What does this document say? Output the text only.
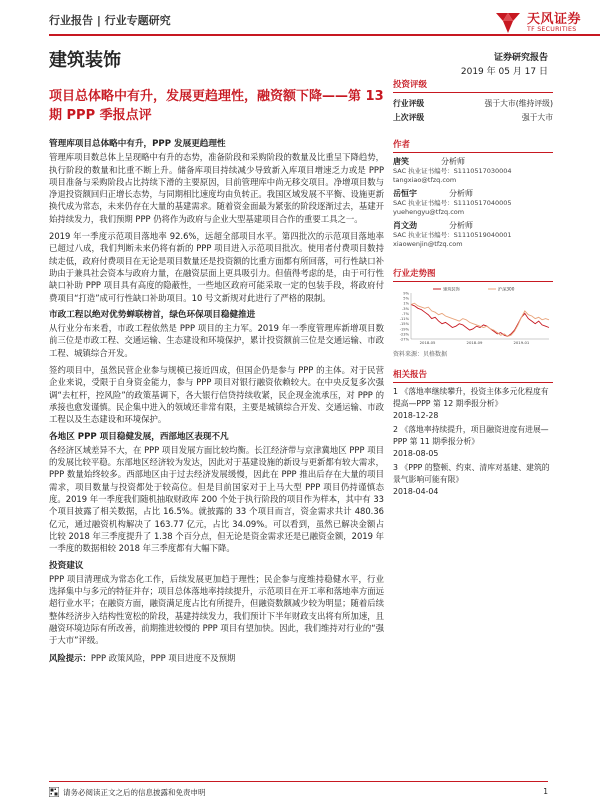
行业报告 | 行业专题研究	天风证券
TF SECURITIES
建筑装饰	证券研究报告
2019 年 05 月 17 日
项目总体略中有升，发展更趋理性，融资额下降——第 13 期 PPP 季报点评
管理库项目总体略中有升，PPP 发展更趋理性

管理库项目数总体上呈现略中有升的态势，准备阶段和采购阶段的数量及比重呈下降趋势，执行阶段的数量和比重不断上升。储备库项目持续减少导致新入库项目增速乏力或是 PPP 项目准备与采购阶段占比持续下滑的主要原因，目前管理库中尚无移交项目。净增项目数与净退投资额回归正增长态势，与同期相比速度均由负转正。我国区域发展不平衡、设施更新换代成为常态，未来仍存在大量的基建需求。随着资金面最为紧张的阶段逐渐过去，基建开始持续发力，我们预期 PPP 仍将作为政府与企业大型基建项目合作的重要工具之一。

2019 年一季度示范项目落地率 92.6%，远超全部项目水平。第四批次的示范项目落地率已超过八成，我们判断未来仍将有新的 PPP 项目进入示范项目批次。使用者付费项目数持续走低，政府付费项目在无论是项目数量还是投资额的比重方面都有所回落，可行性缺口补助由于兼具社会资本与政府力量，在融资层面上更具吸引力。但值得考虑的是，由于可行性缺口补助 PPP 项目具有高度的隐蔽性，一些地区政府可能采取一定的包装手段，将政府付费项目“打造”成可行性缺口补助项目。10 号文新规对此进行了严格的限制。

市政工程以绝对优势蝉联榜首，绿色环保项目稳健推进

从行业分布来看，市政工程依然是 PPP 项目的主力军。2019 年一季度管理库新增项目数前三位是市政工程、交通运输、生态建设和环境保护，累计投资额前三位是交通运输、市政工程、城镇综合开发。

签约项目中，虽然民营企业参与规模已接近四成，但国企仍是参与 PPP 的主体。对于民营企业来说，受限于自身资金能力，参与 PPP 项目对银行融资依赖较大。在中央反复多次强调“去杠杆，控风险”的政策基调下，各大银行信贷持续收紧，民企现金流承压，对 PPP 的承接也愈发谨慎。民企集中进入的领域还非常有限，主要是城镇综合开发、交通运输、市政工程以及生态建设和环境保护。

各地区 PPP 项目稳健发展，西部地区表现不凡

各经济区域差异不大，在 PPP 项目发展方面比较均衡。长江经济带与京津冀地区 PPP 项目的发展比较平稳。东部地区经济较为发达，因此对于基建设施的新设与更新都有较大需求，PPP 数量始终较多。西部地区由于过去经济发展缓慢，因此在 PPP 推出后存在大量的项目需求，项目数量与投资都处于较高位。但是目前国家对于上马大型 PPP 项目仍持谨慎态度。2019 年一季度我们随机抽取财政库 200 个处于执行阶段的项目作为样本，其中有 33 个项目披露了相关数据，占比 16.5%。就披露的 33 个项目而言，资金需求共计 480.36 亿元，通过融资机构解决了 163.77 亿元，占比 34.09%。可以看到，虽然已解决金额占比较 2018 年三季度提升了 1.38 个百分点，但无论是资金需求还是已融资金额，2019 年一季度的数据相较 2018 年三季度都有大幅下降。

投资建议

PPP 项目清理成为常态化工作，后续发展更加趋于理性；民企参与度维持稳健水平，行业选择集中与多元的特征并存；项目总体落地率持续提升，示范项目在开工率和落地率方面远超行业水平；在融资方面，融资满足度占比有所提升，但融资数额减少较为明显；随着后续整体经济步入结构性宽松的阶段，基建持续发力，我们预计下半年财政支出将有所加速，且融资环境边际有所改善，前期推进较慢的 PPP 项目有望加快。因此，我们维持对行业的“强于大市”评级。

风险提示：PPP 政策风险，PPP 项目进度不及预期

投资评级
行业评级	强于大市(维持评级)
上次评级	强于大市
作者
唐笑	分析师
SAC 执业证书编号：S1110517030004
tangxiao@tfzq.com
岳恒宇	分析师
SAC 执业证书编号：S1110517040005
yuehengyu@tfzq.com
肖文劲	分析师
SAC 执业证书编号：S1110519040001
xiaowenjin@tfzq.com
行业走势图
9%
5%
1%
-3%
-7%
-11%
-15%
-19%
-23%
-27%
2018-05	2018-09	2019-01
建筑装饰	沪深300
资料来源：贝格数据
相关报告
1 《落地率继续攀升，投资主体多元化程度有提高—PPP 第 12 期季报分析》
2018-12-28
2 《落地率持续提升，项目融资进度有进展—PPP 第 11 期季报分析》
2018-08-05
3 《PPP 的整顿、约束、清库对基建、建筑的景气影响可能有限》
2018-04-04
请务必阅读正文之后的信息披露和免责申明	1
